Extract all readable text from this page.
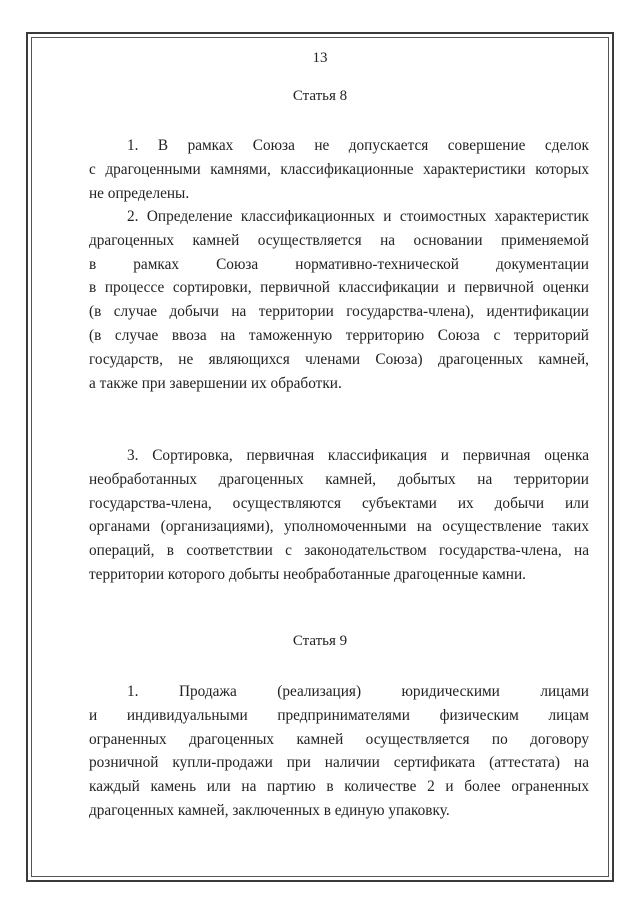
13
Статья 8
1. В рамках Союза не допускается совершение сделок
с драгоценными камнями, классификационные характеристики которых
не определены.
2. Определение классификационных и стоимостных характеристик
драгоценных камней осуществляется на основании применяемой
в рамках Союза нормативно-технической документации
в процессе сортировки, первичной классификации и первичной оценки
(в случае добычи на территории государства-члена), идентификации
(в случае ввоза на таможенную территорию Союза с территорий
государств, не являющихся членами Союза) драгоценных камней,
а также при завершении их обработки.
3. Сортировка, первичная классификация и первичная оценка
необработанных драгоценных камней, добытых на территории
государства-члена, осуществляются субъектами их добычи или
органами (организациями), уполномоченными на осуществление таких
операций, в соответствии с законодательством государства-члена, на
территории которого добыты необработанные драгоценные камни.
Статья 9
1. Продажа (реализация) юридическими лицами
и индивидуальными предпринимателями физическим лицам
ограненных драгоценных камней осуществляется по договору
розничной купли-продажи при наличии сертификата (аттестата) на
каждый камень или на партию в количестве 2 и более ограненных
драгоценных камней, заключенных в единую упаковку.
